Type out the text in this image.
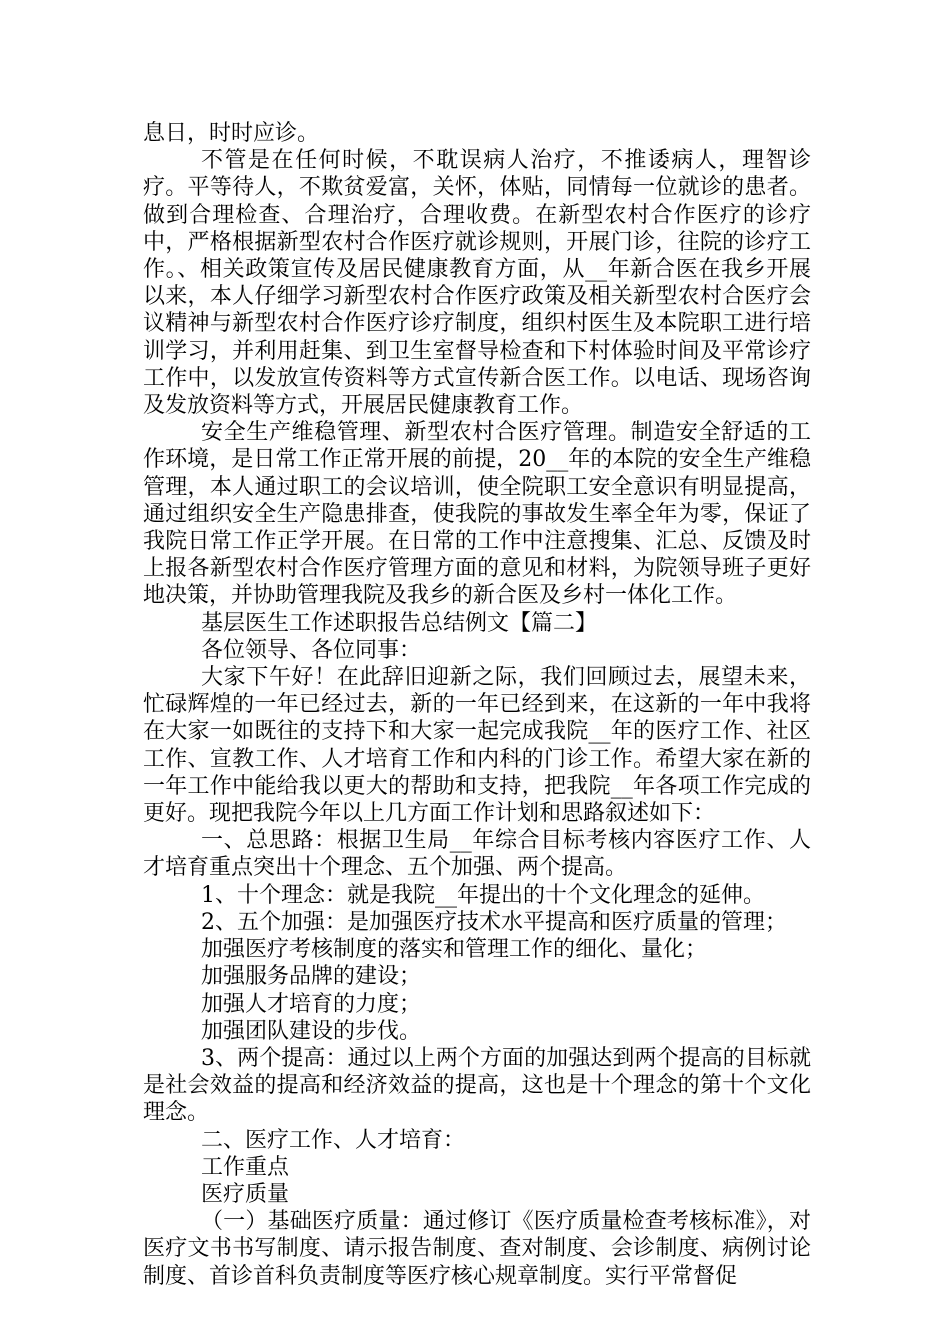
息日，时时应诊。

不管是在任何时候，不耽误病人治疗，不推诿病人，理智诊疗。平等待人，不欺贫爱富，关怀，体贴，同情每一位就诊的患者。做到合理检查、合理治疗，合理收费。在新型农村合作医疗的诊疗中，严格根据新型农村合作医疗就诊规则，开展门诊，往院的诊疗工作。、相关政策宣传及居民健康教育方面，从__年新合医在我乡开展以来，本人仔细学习新型农村合作医疗政策及相关新型农村合医疗会议精神与新型农村合作医疗诊疗制度，组织村医生及本院职工进行培训学习，并利用赶集、到卫生室督导检查和下村体验时间及平常诊疗工作中，以发放宣传资料等方式宣传新合医工作。以电话、现场咨询及发放资料等方式，开展居民健康教育工作。

安全生产维稳管理、新型农村合医疗管理。制造安全舒适的工作环境，是日常工作正常开展的前提，20__年的本院的安全生产维稳管理，本人通过职工的会议培训，使全院职工安全意识有明显提高，通过组织安全生产隐患排查，使我院的事故发生率全年为零，保证了我院日常工作正学开展。在日常的工作中注意搜集、汇总、反馈及时上报各新型农村合作医疗管理方面的意见和材料，为院领导班子更好地决策，并协助管理我院及我乡的新合医及乡村一体化工作。

基层医生工作述职报告总结例文【篇二】

各位领导、各位同事：

大家下午好！在此辞旧迎新之际，我们回顾过去，展望未来，忙碌辉煌的一年已经过去，新的一年已经到来，在这新的一年中我将在大家一如既往的支持下和大家一起完成我院__年的医疗工作、社区工作、宣教工作、人才培育工作和内科的门诊工作。希望大家在新的一年工作中能给我以更大的帮助和支持，把我院__年各项工作完成的更好。现把我院今年以上几方面工作计划和思路叙述如下：

一、总思路：根据卫生局__年综合目标考核内容医疗工作、人才培育重点突出十个理念、五个加强、两个提高。

1、十个理念：就是我院__年提出的十个文化理念的延伸。

2、五个加强：是加强医疗技术水平提高和医疗质量的管理；

加强医疗考核制度的落实和管理工作的细化、量化；

加强服务品牌的建设；

加强人才培育的力度；

加强团队建设的步伐。

3、两个提高：通过以上两个方面的加强达到两个提高的目标就是社会效益的提高和经济效益的提高，这也是十个理念的第十个文化理念。

二、医疗工作、人才培育：

工作重点

医疗质量

（一）基础医疗质量：通过修订《医疗质量检查考核标准》，对医疗文书书写制度、请示报告制度、查对制度、会诊制度、病例讨论制度、首诊首科负责制度等医疗核心规章制度。实行平常督促
